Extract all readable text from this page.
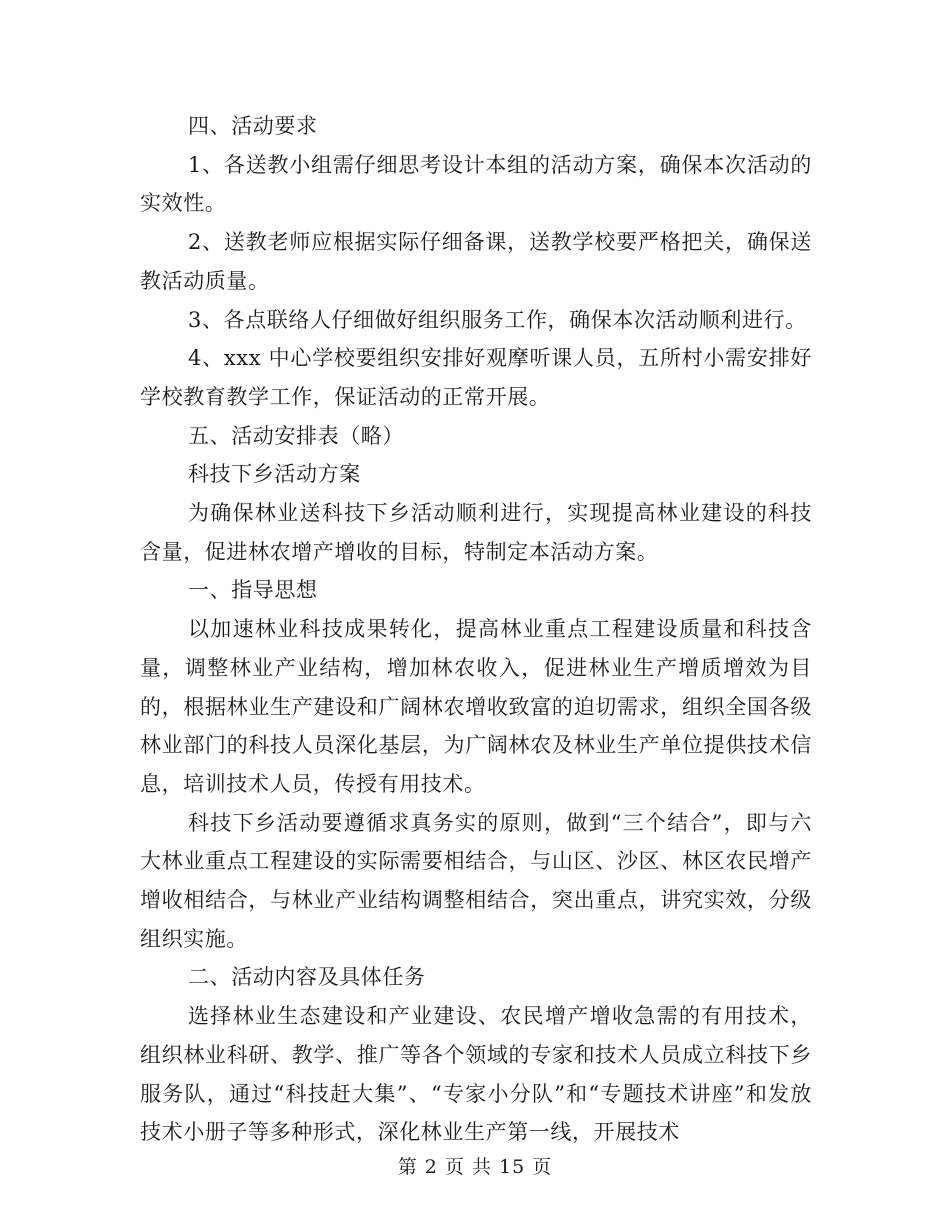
四、活动要求

1、各送教小组需仔细思考设计本组的活动方案，确保本次活动的实效性。

2、送教老师应根据实际仔细备课，送教学校要严格把关，确保送教活动质量。

3、各点联络人仔细做好组织服务工作，确保本次活动顺利进行。

4、xxx 中心学校要组织安排好观摩听课人员，五所村小需安排好学校教育教学工作，保证活动的正常开展。

五、活动安排表（略）

科技下乡活动方案

为确保林业送科技下乡活动顺利进行，实现提高林业建设的科技含量，促进林农增产增收的目标，特制定本活动方案。

一、指导思想

以加速林业科技成果转化，提高林业重点工程建设质量和科技含量，调整林业产业结构，增加林农收入，促进林业生产增质增效为目的，根据林业生产建设和广阔林农增收致富的迫切需求，组织全国各级林业部门的科技人员深化基层，为广阔林农及林业生产单位提供技术信息，培训技术人员，传授有用技术。

科技下乡活动要遵循求真务实的原则，做到“三个结合”，即与六大林业重点工程建设的实际需要相结合，与山区、沙区、林区农民增产增收相结合，与林业产业结构调整相结合，突出重点，讲究实效，分级组织实施。

二、活动内容及具体任务

选择林业生态建设和产业建设、农民增产增收急需的有用技术，组织林业科研、教学、推广等各个领域的专家和技术人员成立科技下乡服务队，通过“科技赶大集”、“专家小分队”和“专题技术讲座”和发放技术小册子等多种形式，深化林业生产第一线，开展技术

第 2 页 共 15 页
